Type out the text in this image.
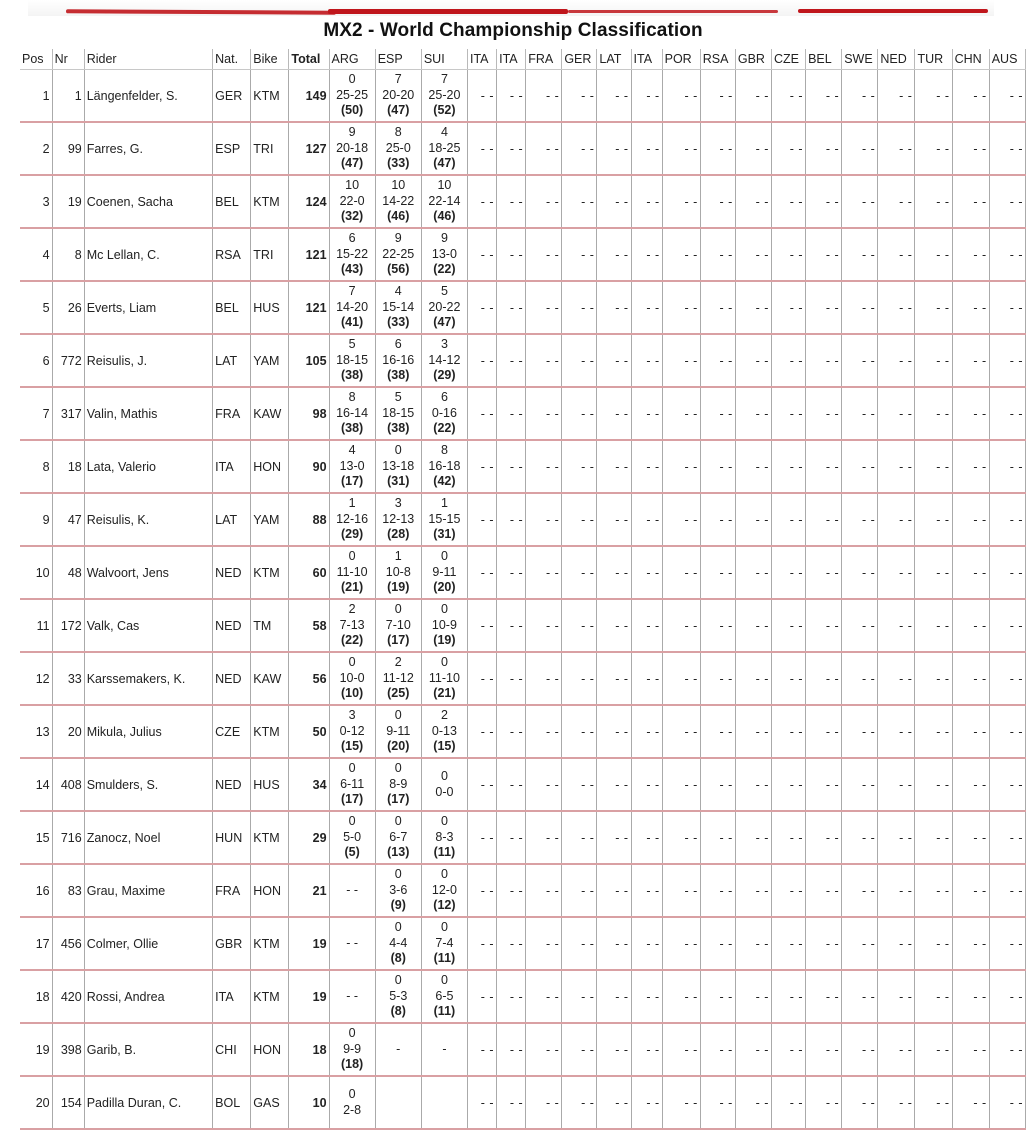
MX2 - World Championship Classification
Pos	Nr	Rider	Nat.	Bike	Total	ARG	ESP	SUI	ITA	ITA	FRA	GER	LAT	ITA	POR	RSA	GBR	CZE	BEL	SWE	NED	TUR	CHN	AUS
1	1	Längenfelder, S.	GER	KTM	149	0
25-25
(50)	7
20-20
(47)	7
25-20
(52)	- -	- -	- -	- -	- -	- -	- -	- -	- -	- -	- -	- -	- -	- -	- -	- -
2	99	Farres, G.	ESP	TRI	127	9
20-18
(47)	8
25-0
(33)	4
18-25
(47)	- -	- -	- -	- -	- -	- -	- -	- -	- -	- -	- -	- -	- -	- -	- -	- -
3	19	Coenen, Sacha	BEL	KTM	124	10
22-0
(32)	10
14-22
(46)	10
22-14
(46)	- -	- -	- -	- -	- -	- -	- -	- -	- -	- -	- -	- -	- -	- -	- -	- -
4	8	Mc Lellan, C.	RSA	TRI	121	6
15-22
(43)	9
22-25
(56)	9
13-0
(22)	- -	- -	- -	- -	- -	- -	- -	- -	- -	- -	- -	- -	- -	- -	- -	- -
5	26	Everts, Liam	BEL	HUS	121	7
14-20
(41)	4
15-14
(33)	5
20-22
(47)	- -	- -	- -	- -	- -	- -	- -	- -	- -	- -	- -	- -	- -	- -	- -	- -
6	772	Reisulis, J.	LAT	YAM	105	5
18-15
(38)	6
16-16
(38)	3
14-12
(29)	- -	- -	- -	- -	- -	- -	- -	- -	- -	- -	- -	- -	- -	- -	- -	- -
7	317	Valin, Mathis	FRA	KAW	98	8
16-14
(38)	5
18-15
(38)	6
0-16
(22)	- -	- -	- -	- -	- -	- -	- -	- -	- -	- -	- -	- -	- -	- -	- -	- -
8	18	Lata, Valerio	ITA	HON	90	4
13-0
(17)	0
13-18
(31)	8
16-18
(42)	- -	- -	- -	- -	- -	- -	- -	- -	- -	- -	- -	- -	- -	- -	- -	- -
9	47	Reisulis, K.	LAT	YAM	88	1
12-16
(29)	3
12-13
(28)	1
15-15
(31)	- -	- -	- -	- -	- -	- -	- -	- -	- -	- -	- -	- -	- -	- -	- -	- -
10	48	Walvoort, Jens	NED	KTM	60	0
11-10
(21)	1
10-8
(19)	0
9-11
(20)	- -	- -	- -	- -	- -	- -	- -	- -	- -	- -	- -	- -	- -	- -	- -	- -
11	172	Valk, Cas	NED	TM	58	2
7-13
(22)	0
7-10
(17)	0
10-9
(19)	- -	- -	- -	- -	- -	- -	- -	- -	- -	- -	- -	- -	- -	- -	- -	- -
12	33	Karssemakers, K.	NED	KAW	56	0
10-0
(10)	2
11-12
(25)	0
11-10
(21)	- -	- -	- -	- -	- -	- -	- -	- -	- -	- -	- -	- -	- -	- -	- -	- -
13	20	Mikula, Julius	CZE	KTM	50	3
0-12
(15)	0
9-11
(20)	2
0-13
(15)	- -	- -	- -	- -	- -	- -	- -	- -	- -	- -	- -	- -	- -	- -	- -	- -
14	408	Smulders, S.	NED	HUS	34	0
6-11
(17)	0
8-9
(17)	0
0-0	- -	- -	- -	- -	- -	- -	- -	- -	- -	- -	- -	- -	- -	- -	- -	- -
15	716	Zanocz, Noel	HUN	KTM	29	0
5-0
(5)	0
6-7
(13)	0
8-3
(11)	- -	- -	- -	- -	- -	- -	- -	- -	- -	- -	- -	- -	- -	- -	- -	- -
16	83	Grau, Maxime	FRA	HON	21	- -	0
3-6
(9)	0
12-0
(12)	- -	- -	- -	- -	- -	- -	- -	- -	- -	- -	- -	- -	- -	- -	- -	- -
17	456	Colmer, Ollie	GBR	KTM	19	- -	0
4-4
(8)	0
7-4
(11)	- -	- -	- -	- -	- -	- -	- -	- -	- -	- -	- -	- -	- -	- -	- -	- -
18	420	Rossi, Andrea	ITA	KTM	19	- -	0
5-3
(8)	0
6-5
(11)	- -	- -	- -	- -	- -	- -	- -	- -	- -	- -	- -	- -	- -	- -	- -	- -
19	398	Garib, B.	CHI	HON	18	0
9-9
(18)	-	-	- -	- -	- -	- -	- -	- -	- -	- -	- -	- -	- -	- -	- -	- -	- -	- -
20	154	Padilla Duran, C.	BOL	GAS	10	0
2-8			- -	- -	- -	- -	- -	- -	- -	- -	- -	- -	- -	- -	- -	- -	- -	- -
